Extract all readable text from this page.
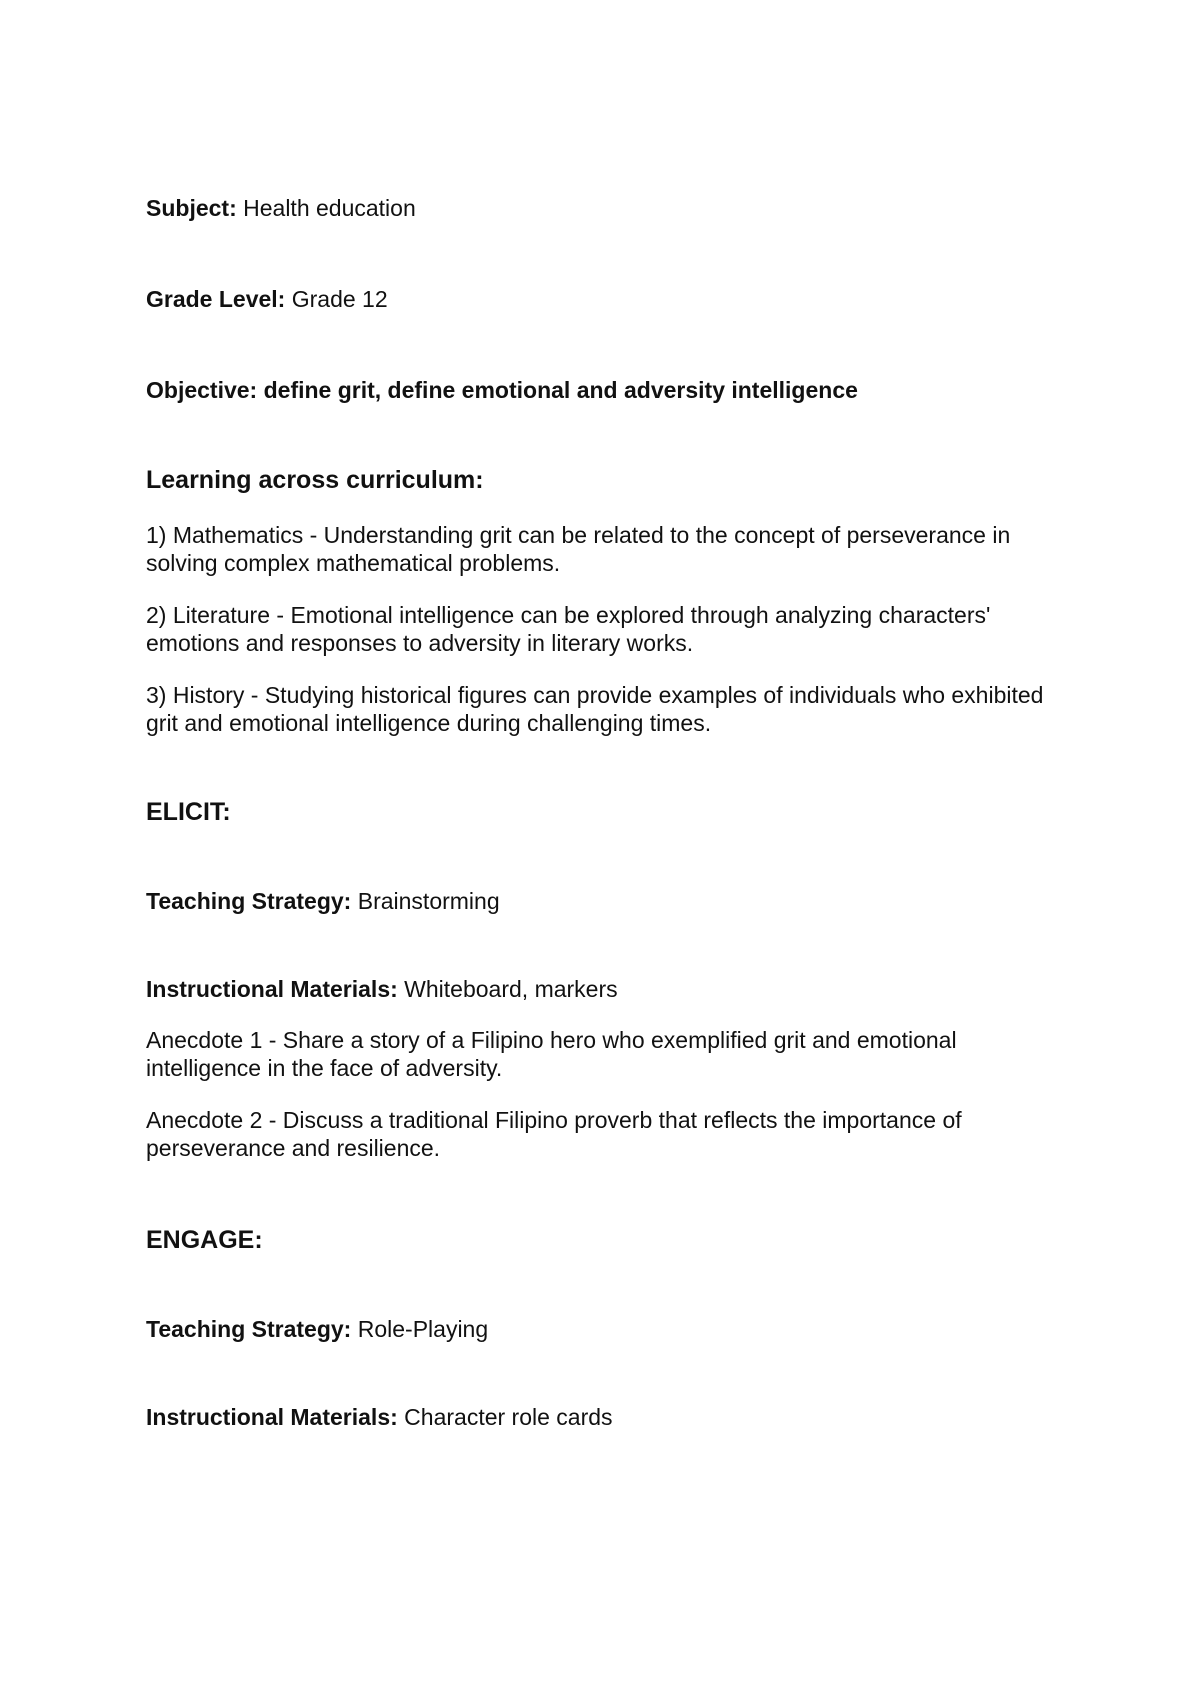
Subject: Health education

Grade Level: Grade 12

Objective: define grit, define emotional and adversity intelligence

Learning across curriculum:

1) Mathematics - Understanding grit can be related to the concept of perseverance in solving complex mathematical problems.

2) Literature - Emotional intelligence can be explored through analyzing characters' emotions and responses to adversity in literary works.

3) History - Studying historical figures can provide examples of individuals who exhibited grit and emotional intelligence during challenging times.

ELICIT:

Teaching Strategy: Brainstorming

Instructional Materials: Whiteboard, markers

Anecdote 1 - Share a story of a Filipino hero who exemplified grit and emotional intelligence in the face of adversity.

Anecdote 2 - Discuss a traditional Filipino proverb that reflects the importance of perseverance and resilience.

ENGAGE:

Teaching Strategy: Role-Playing

Instructional Materials: Character role cards
